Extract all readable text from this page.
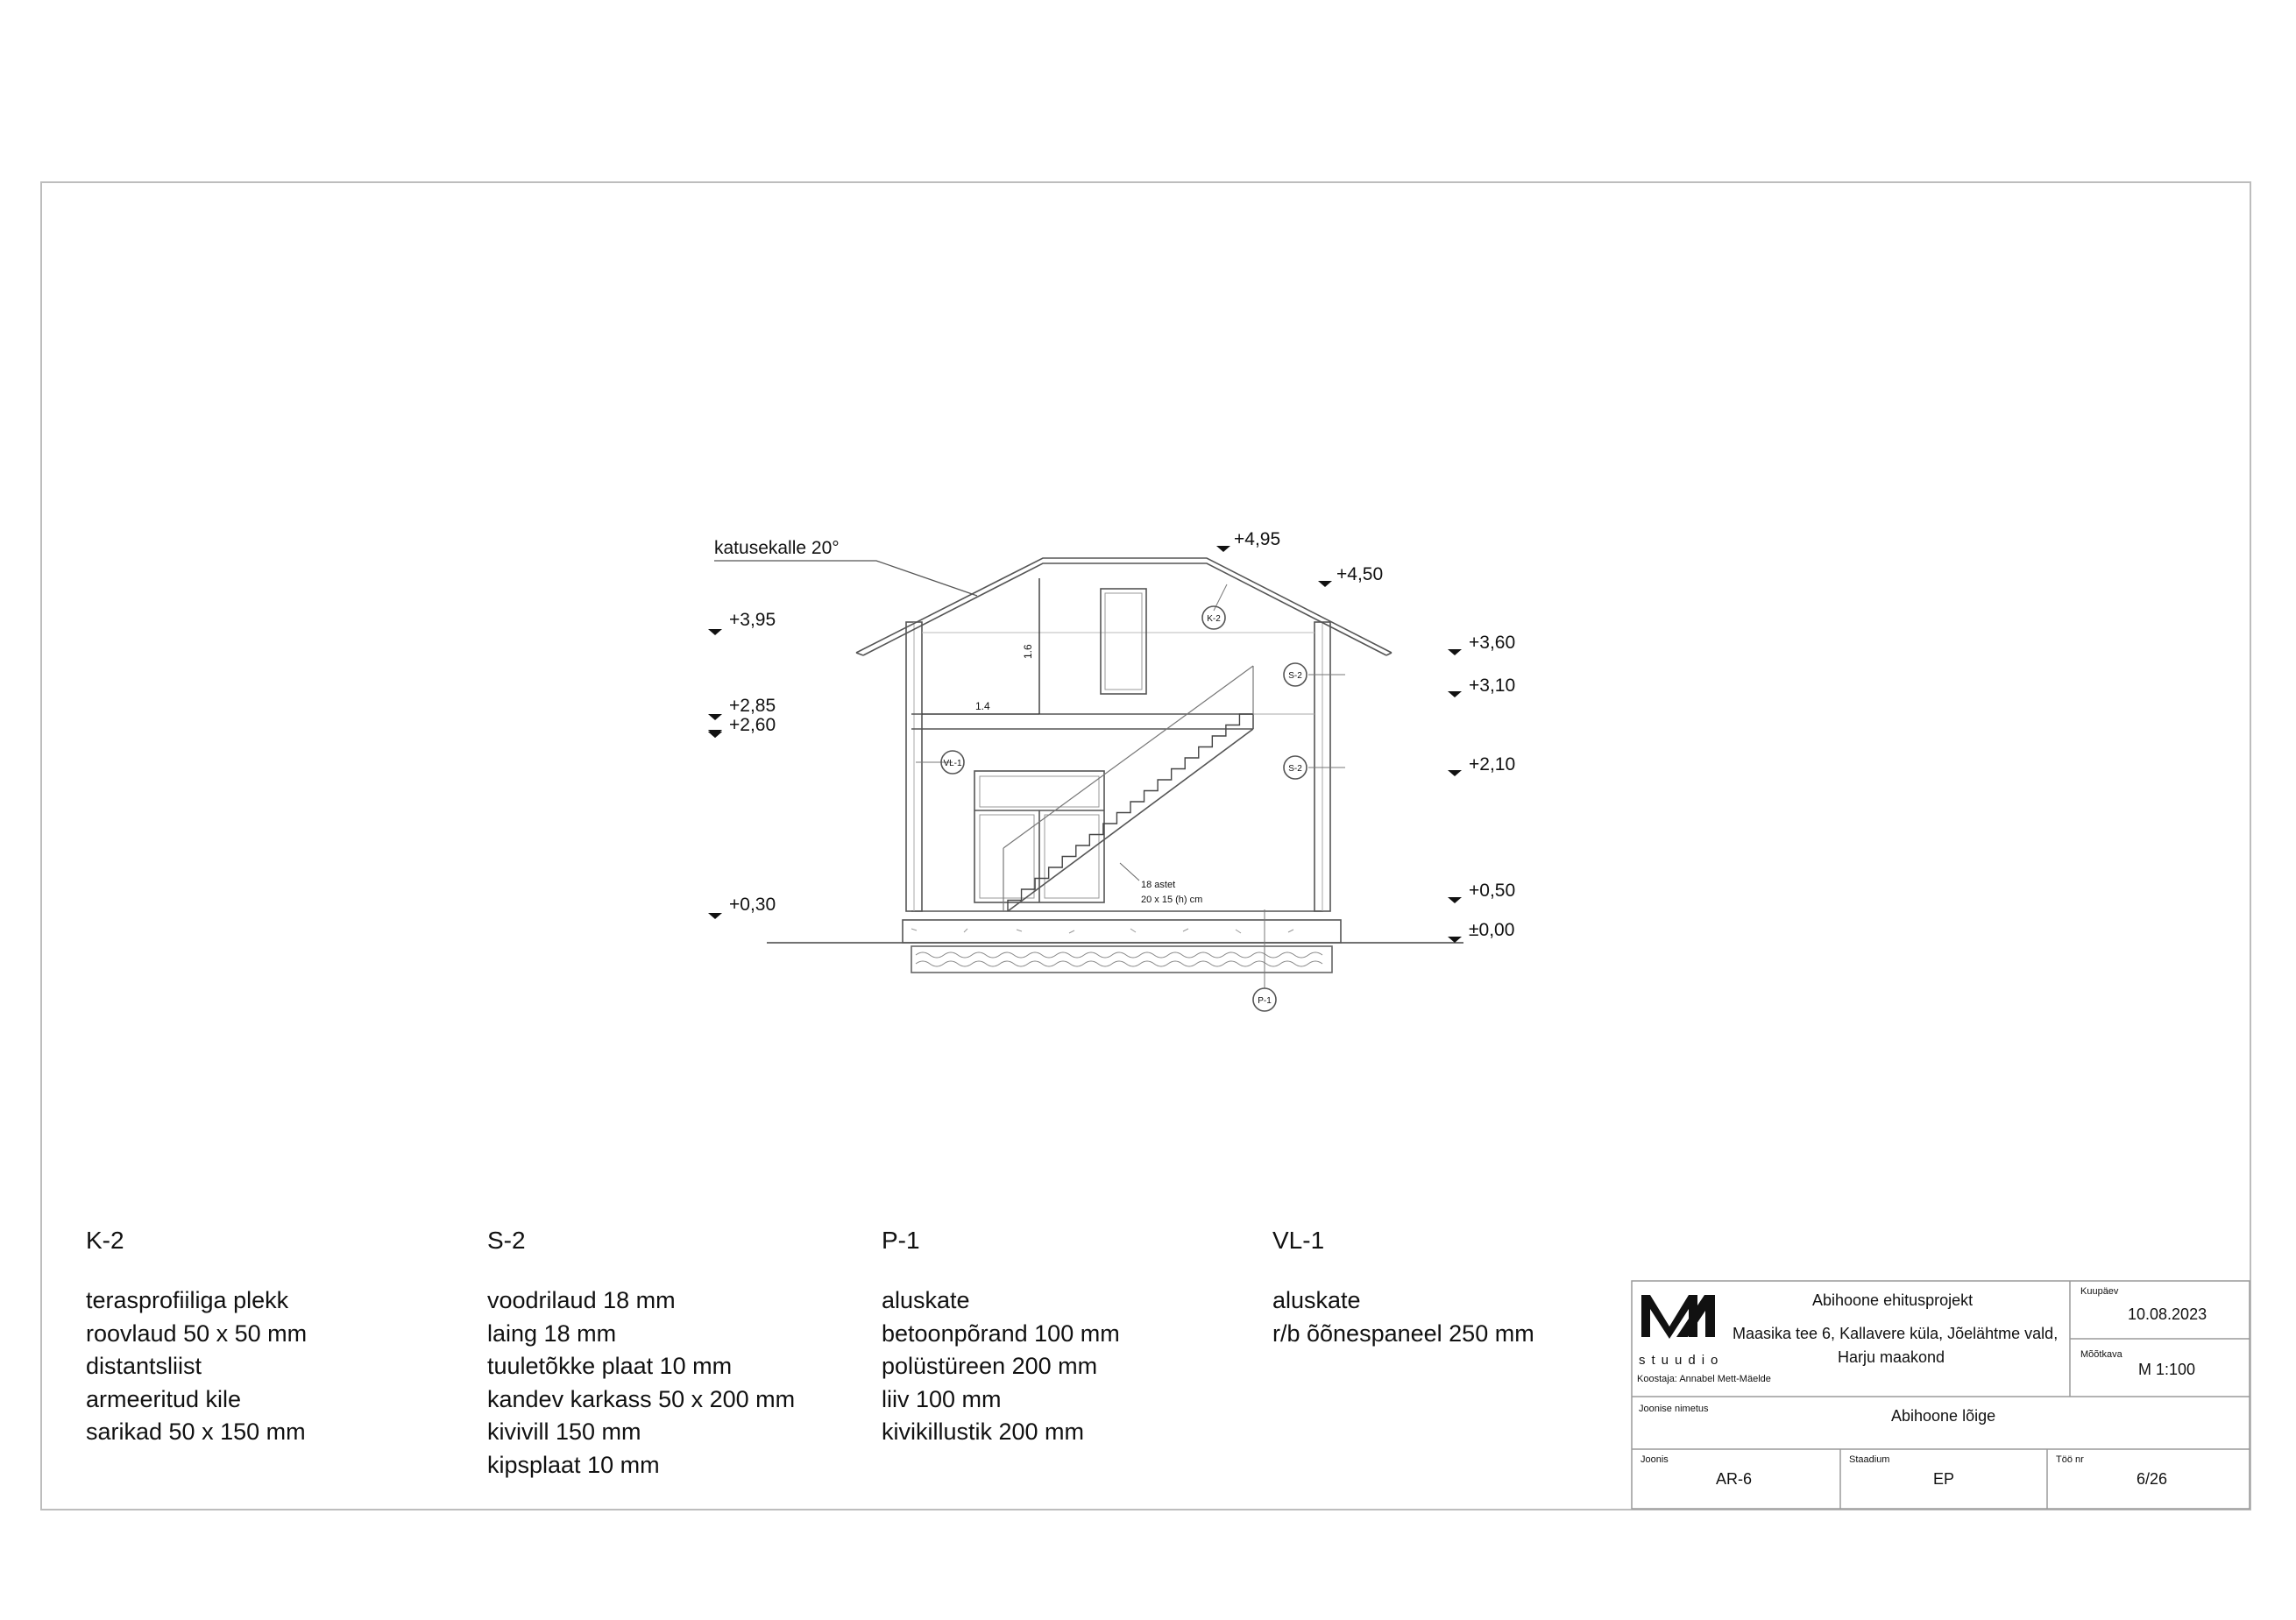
katusekalle 20°
+3,95
+2,85
+2,60
+0,30
+4,95
+4,50
+3,60
+3,10
+2,10
+0,50
±0,00
1.6
1.4
K-2
S-2
S-2
VL-1
P-1
18 astet
20 x 15 (h) cm
MA
K-2
terasprofiiliga plekk
roovlaud 50 x 50 mm
distantsliist
armeeritud kile
sarikad 50 x 150 mm
S-2
voodrilaud 18 mm
laing 18 mm
tuuletõkke plaat 10 mm
kandev karkass 50 x 200 mm
kivivill 150 mm
kipsplaat 10 mm
P-1
aluskate
betoonpõrand 100 mm
polüstüreen 200 mm
liiv 100 mm
kivikillustik 200 mm
VL-1
aluskate
r/b õõnespaneel 250 mm
stuudio
Koostaja: Annabel Mett-Mäelde
Abihoone ehitusprojekt
Maasika tee 6, Kallavere küla, Jõelähtme vald,
Harju maakond
Kuupäev
10.08.2023
Mõõtkava
M 1:100
Joonise nimetus	Abihoone lõige
Joonis
AR-6
Staadium
EP
Töö nr
6/26
